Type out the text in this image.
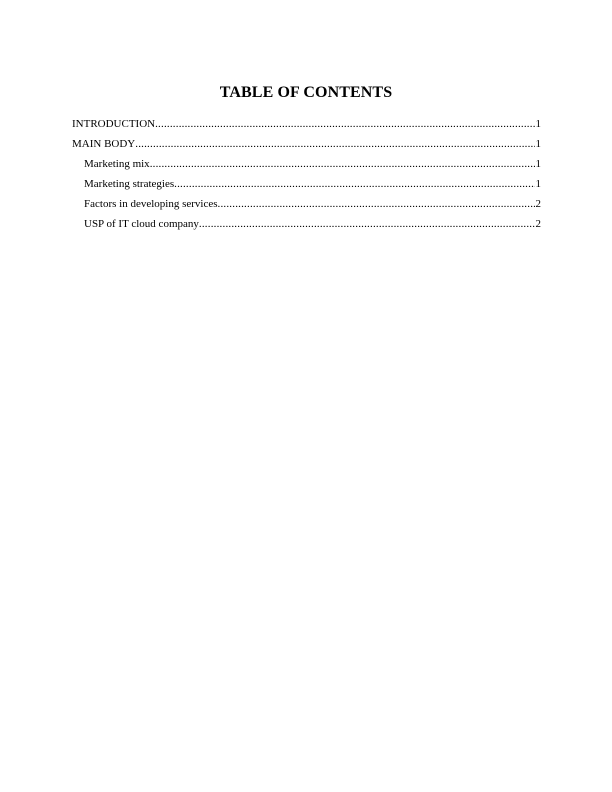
TABLE OF CONTENTS
INTRODUCTION .....	1
MAIN BODY .....	1
Marketing mix .....	1
Marketing strategies .....	1
Factors in developing services .....	2
USP of IT cloud company .....	2
